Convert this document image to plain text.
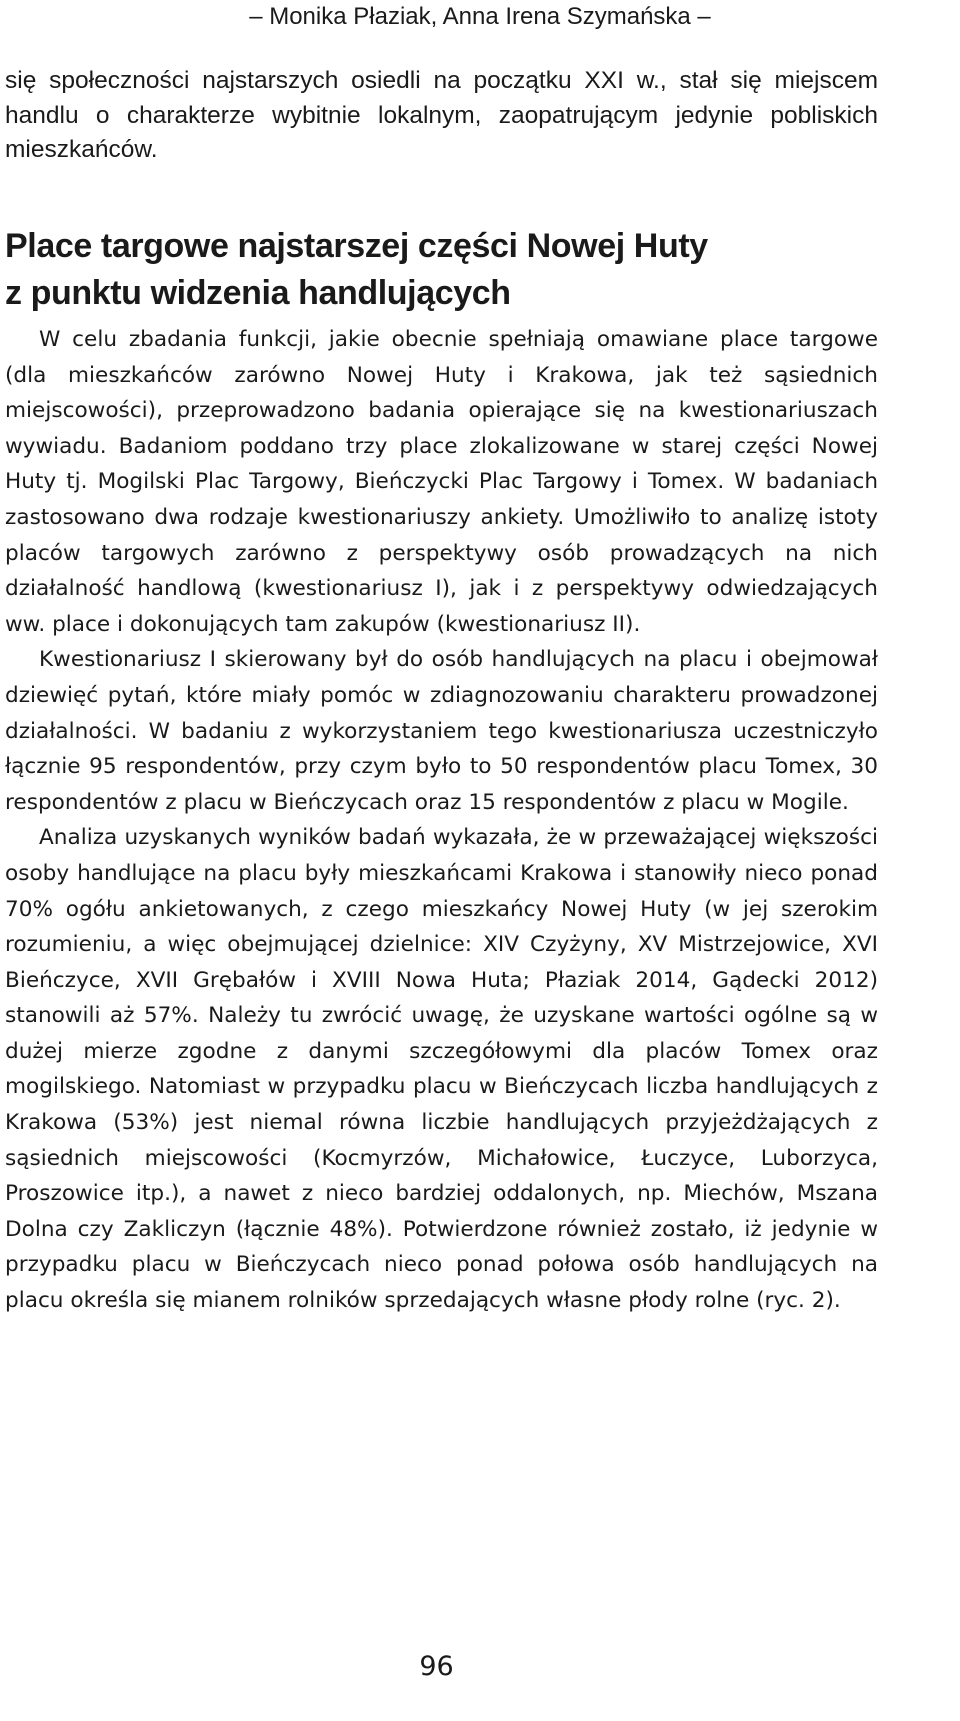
– Monika Płaziak, Anna Irena Szymańska –

się społeczności najstarszych osiedli na początku XXI w., stał się miejscem handlu o charakterze wybitnie lokalnym, zaopatrującym jedynie pobliskich mieszkańców.

Place targowe najstarszej części Nowej Huty
z punktu widzenia handlujących

W celu zbadania funkcji, jakie obecnie spełniają omawiane place targowe (dla mieszkańców zarówno Nowej Huty i Krakowa, jak też sąsiednich miejscowości), przeprowadzono badania opierające się na kwestionariuszach wywiadu. Badaniom poddano trzy place zlokalizowane w starej części Nowej Huty tj. Mogilski Plac Targowy, Bieńczycki Plac Targowy i Tomex. W badaniach zastosowano dwa rodzaje kwestionariuszy ankiety. Umożliwiło to analizę istoty placów targowych zarówno z perspektywy osób prowadzących na nich działalność handlową (kwestionariusz I), jak i z perspektywy odwiedzających ww. place i dokonujących tam zakupów (kwestionariusz II).

Kwestionariusz I skierowany był do osób handlujących na placu i obejmował dziewięć pytań, które miały pomóc w zdiagnozowaniu charakteru prowadzonej działalności. W badaniu z wykorzystaniem tego kwestionariusza uczestniczyło łącznie 95 respondentów, przy czym było to 50 respondentów placu Tomex, 30 respondentów z placu w Bieńczycach oraz 15 respondentów z placu w Mogile.

Analiza uzyskanych wyników badań wykazała, że w przeważającej większości osoby handlujące na placu były mieszkańcami Krakowa i stanowiły nieco ponad 70% ogółu ankietowanych, z czego mieszkańcy Nowej Huty (w jej szerokim rozumieniu, a więc obejmującej dzielnice: XIV Czyżyny, XV Mistrzejowice, XVI Bieńczyce, XVII Grębałów i XVIII Nowa Huta; Płaziak 2014, Gądecki 2012) stanowili aż 57%. Należy tu zwrócić uwagę, że uzyskane wartości ogólne są w dużej mierze zgodne z danymi szczegółowymi dla placów Tomex oraz mogilskiego. Natomiast w przypadku placu w Bieńczycach liczba handlujących z Krakowa (53%) jest niemal równa liczbie handlujących przyjeżdżających z sąsiednich miejscowości (Kocmyrzów, Michałowice, Łuczyce, Luborzyca, Proszowice itp.), a nawet z nieco bardziej oddalonych, np. Miechów, Mszana Dolna czy Zakliczyn (łącznie 48%). Potwierdzone również zostało, iż jedynie w przypadku placu w Bieńczycach nieco ponad połowa osób handlujących na placu określa się mianem rolników sprzedających własne płody rolne (ryc. 2).

96
